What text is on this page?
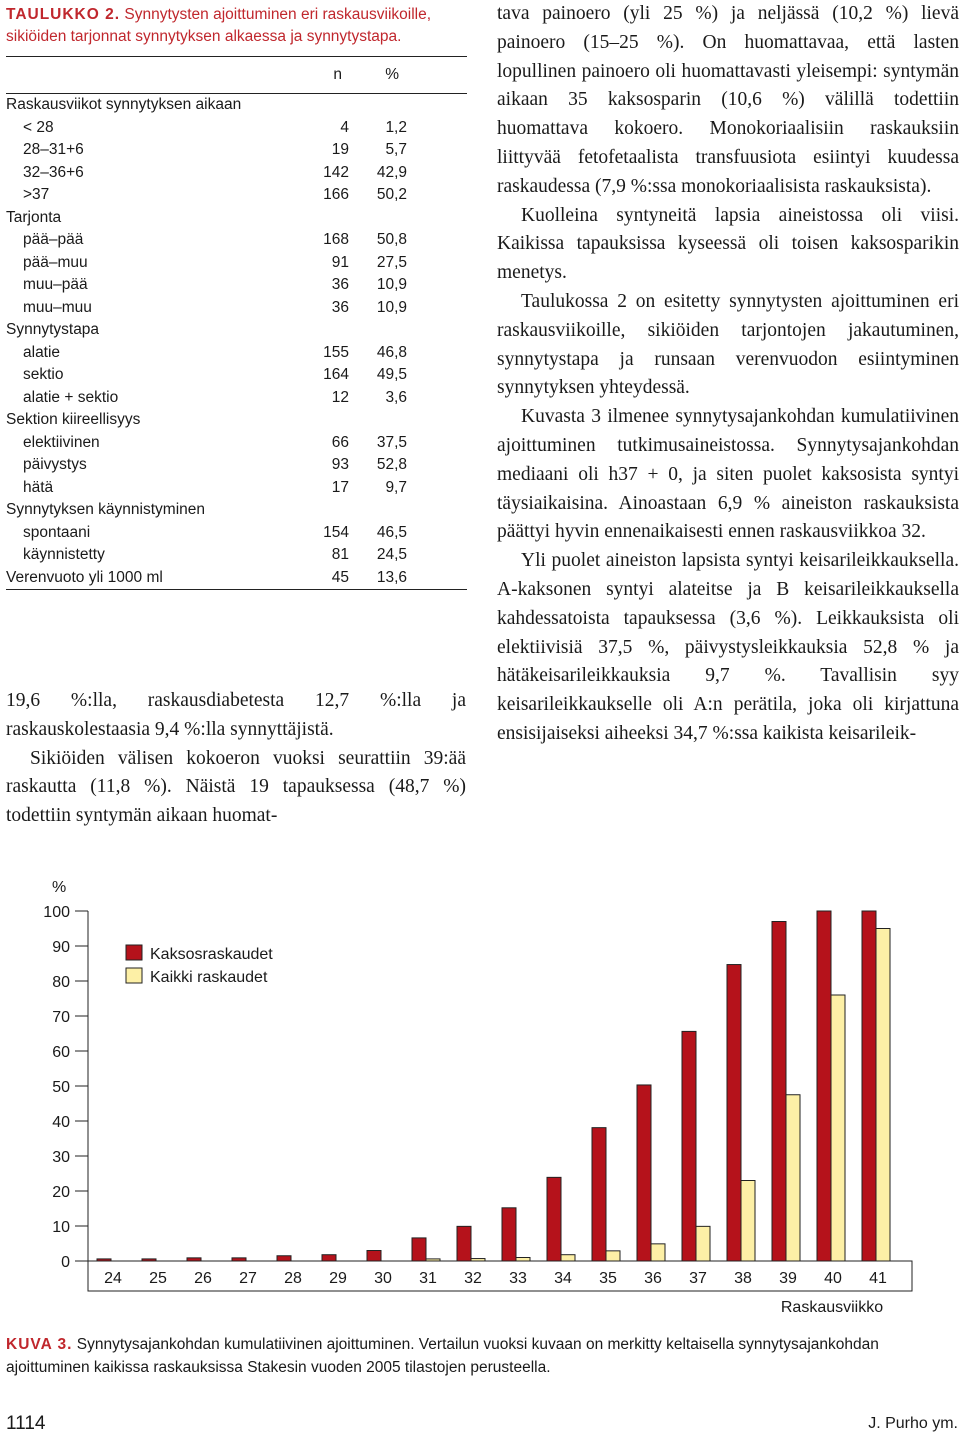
TAULUKKO 2. Synnytysten ajoittuminen eri raskausviikoille, sikiöiden tarjonnat synnytyksen alkaessa ja synnytystapa.
n	%
Raskausviikot synnytyksen aikaan
< 28	4 1,2
28–31+6	19 5,7
32–36+6	142 42,9
>37	166 50,2
Tarjonta
pää–pää	168 50,8
pää–muu	91 27,5
muu–pää	36 10,9
muu–muu	36 10,9
Synnytystapa
alatie	155 46,8
sektio	164 49,5
alatie + sektio	12 3,6
Sektion kiireellisyys
elektiivinen	66 37,5
päivystys	93 52,8
hätä	17 9,7
Synnytyksen käynnistyminen
spontaani	154 46,5
käynnistetty	81 24,5
Verenvuoto yli 1000 ml	45 13,6

19,6 %:lla, raskausdiabetesta 12,7 %:lla ja raskauskolestaasia 9,4 %:lla synnyttäjistä.

Sikiöiden välisen kokoeron vuoksi seurattiin 39:ää raskautta (11,8 %). Näistä 19 tapauksessa (48,7 %) todettiin syntymän aikaan huomat-

tava painoero (yli 25 %) ja neljässä (10,2 %) lievä painoero (15–25 %). On huomattavaa, että lasten lopullinen painoero oli huomattavasti yleisempi: syntymän aikaan 35 kaksosparin (10,6 %) välillä todettiin huomattava kokoero. Monokoriaalisiin raskauksiin liittyvää fetofetaalista transfuusiota esiintyi kuudessa raskaudessa (7,9 %:ssa monokoriaalisista raskauksista).

Kuolleina syntyneitä lapsia aineistossa oli viisi. Kaikissa tapauksissa kyseessä oli toisen kaksosparikin menetys.

Taulukossa 2 on esitetty synnytysten ajoittuminen eri raskausviikoille, sikiöiden tarjontojen jakautuminen, synnytystapa ja runsaan verenvuodon esiintyminen synnytyksen yhteydessä.

Kuvasta 3 ilmenee synnytysajankohdan kumulatiivinen ajoittuminen tutkimusaineistossa. Synnytysajankohdan mediaani oli h37 + 0, ja siten puolet kaksosista syntyi täysiaikaisina. Ainoastaan 6,9 % aineiston raskauksista päättyi hyvin ennenaikaisesti ennen raskausviikkoa 32.

Yli puolet aineiston lapsista syntyi keisarileikkauksella. A-kaksonen syntyi alateitse ja B keisarileikkauksella kahdessatoista tapauksessa (3,6 %). Leikkauksista oli elektiivisiä 37,5 %, päivystysleikkauksia 52,8 % ja hätäkeisarileikkauksia 9,7 %. Tavallisin syy keisarileikkaukselle oli A:n perätila, joka oli kirjattuna ensisijaiseksi aiheeksi 34,7 %:ssa kaikista keisarileik-

0
10
20
30
40
50
60
70
80
90
100
%
24 25 26 27 28 29 30 31 32 33 34 35 36 37 38 39 40 41
Raskausviikko
Kaksosraskaudet
Kaikki raskaudet
KUVA 3. Synnytysajankohdan kumulatiivinen ajoittuminen. Vertailun vuoksi kuvaan on merkitty keltaisella synnytysajankohdan ajoittuminen kaikissa raskauksissa Stakesin vuoden 2005 tilastojen perusteella.
1114	J. Purho ym.
